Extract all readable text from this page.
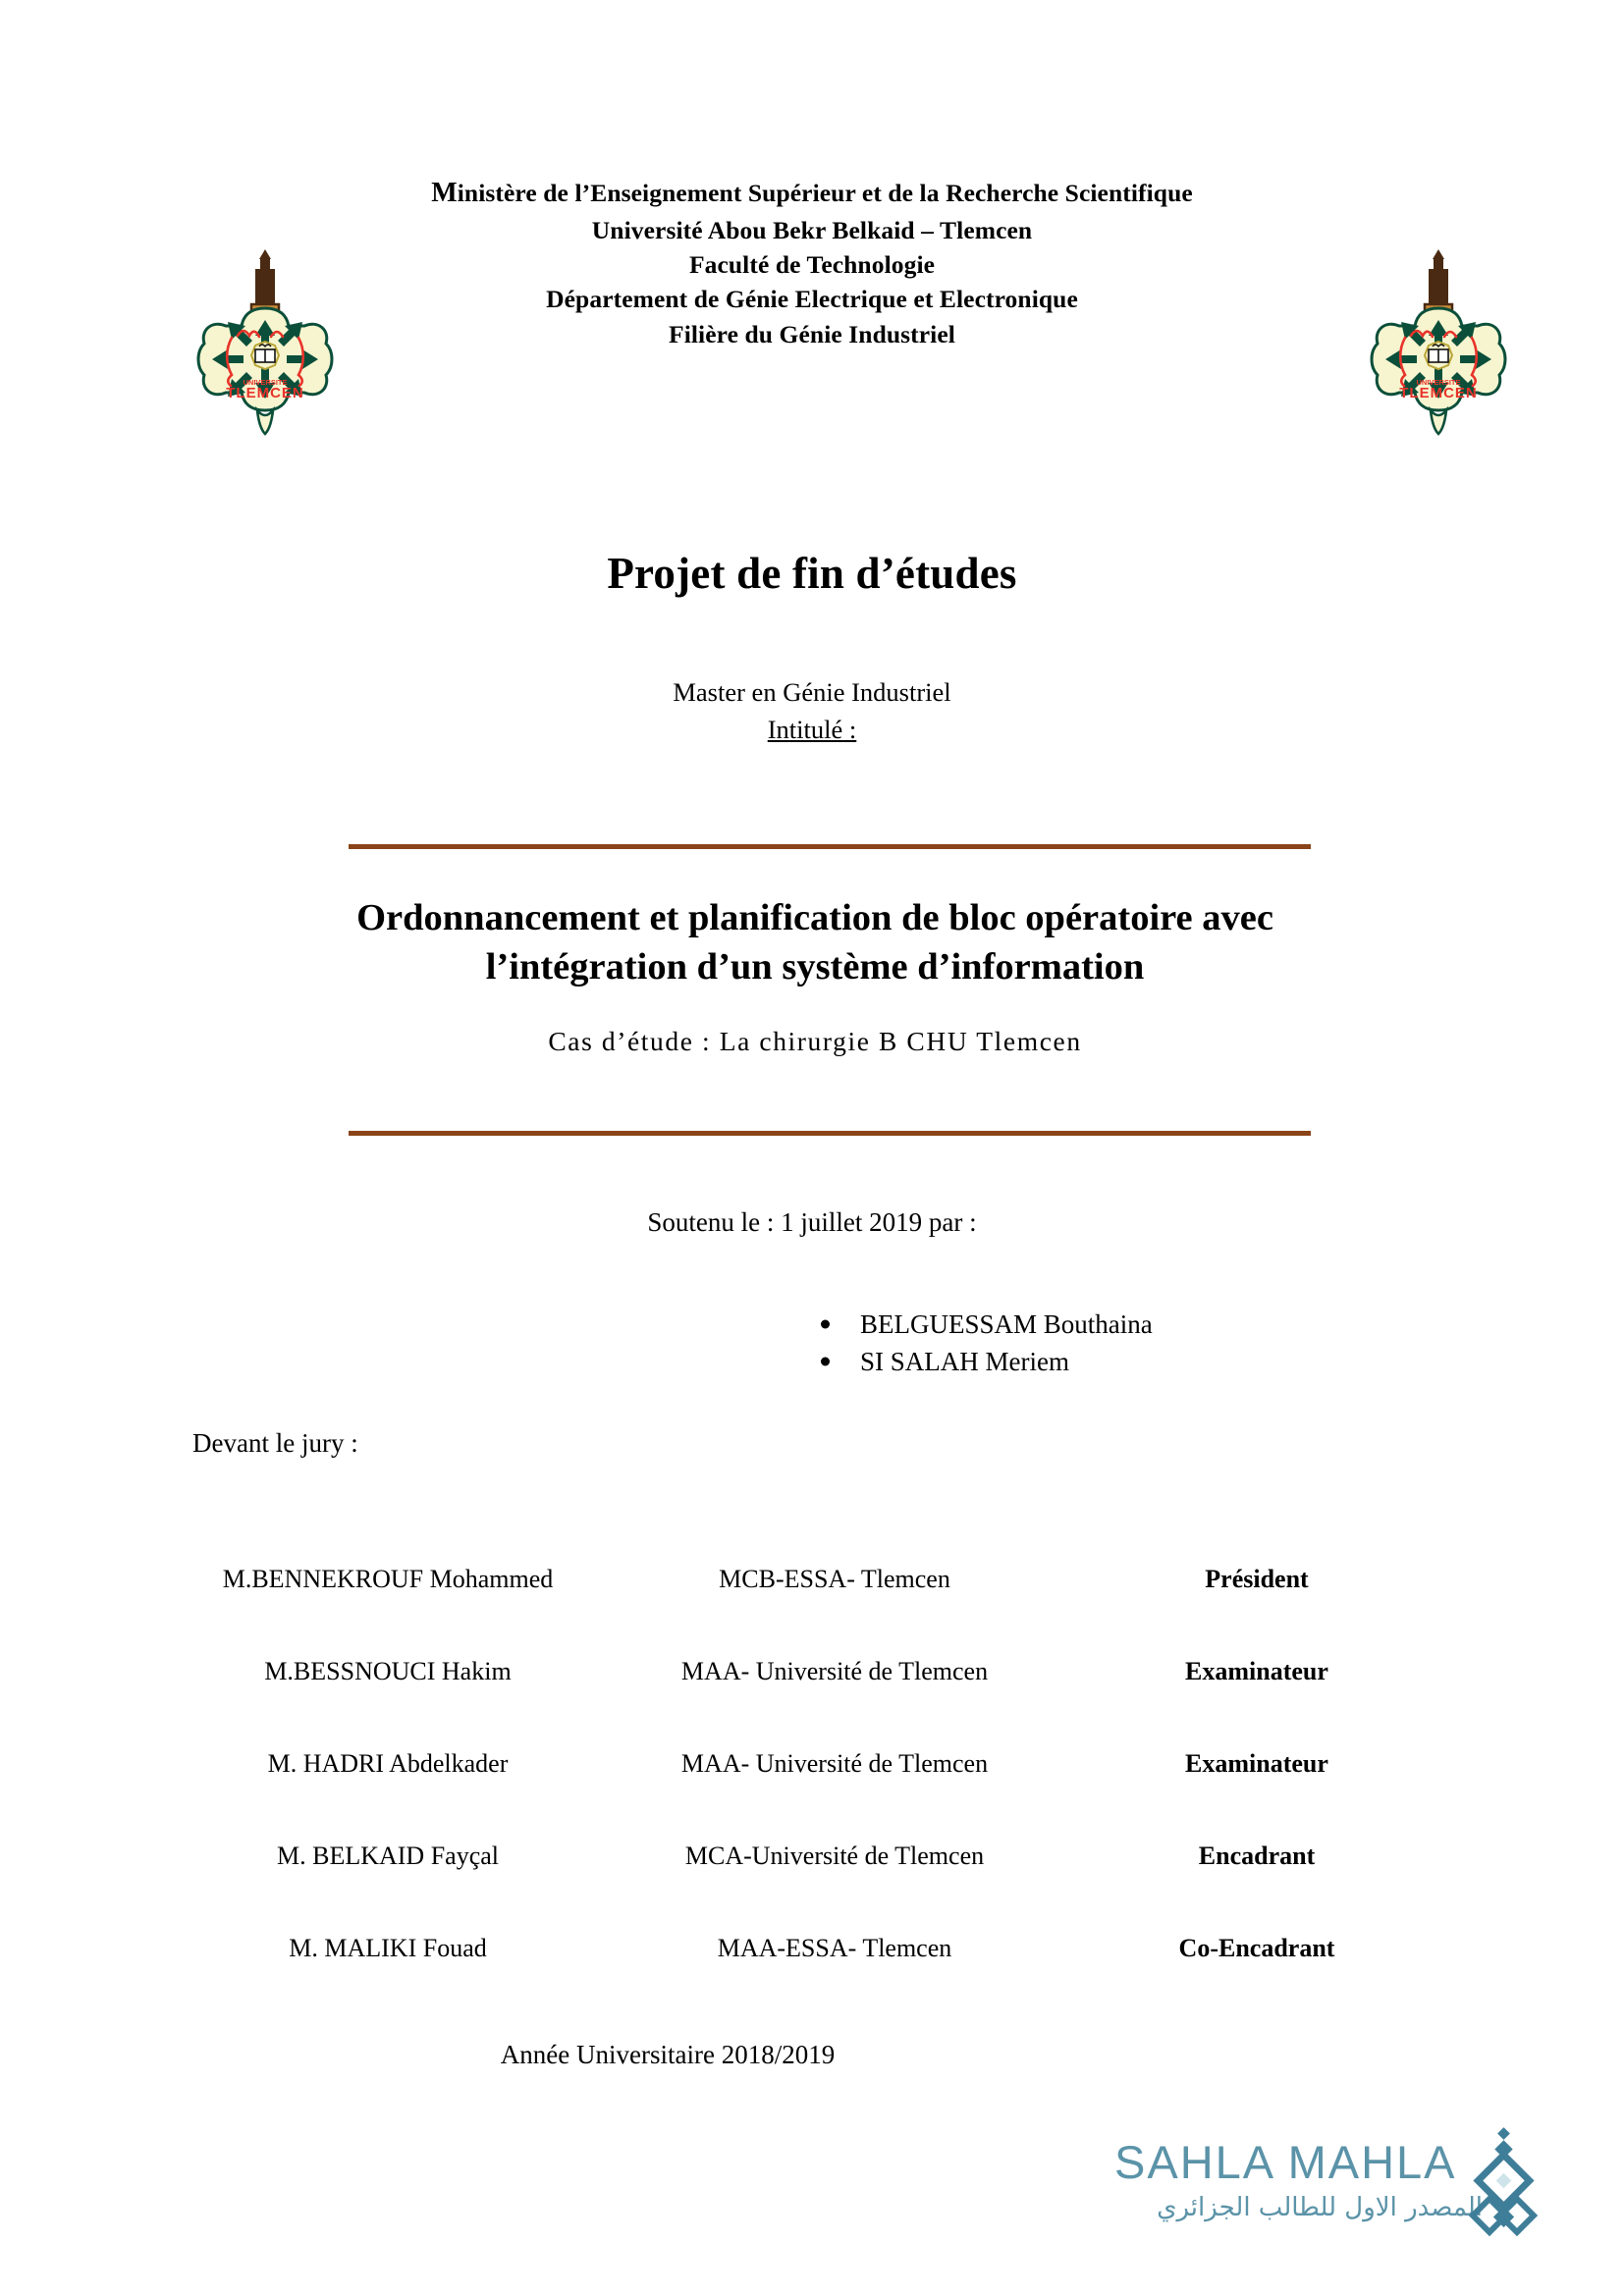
Ministère de l’Enseignement Supérieur et de la Recherche Scientifique
Université Abou Bekr Belkaid – Tlemcen
Faculté de Technologie
Département de Génie Electrique et Electronique
Filière du Génie Industriel
UNIVERSITE
TLEMCEN
UNIVERSITE
TLEMCEN
Projet de fin d’études
Master en Génie Industriel
Intitulé :
Ordonnancement et planification de bloc opératoire avec
l’intégration d’un système d’information
Cas d’étude : La chirurgie B CHU Tlemcen
Soutenu le : 1 juillet 2019 par :
BELGUESSAM Bouthaina
SI SALAH Meriem
Devant le jury :
M.BENNEKROUF Mohammed	MCB-ESSA- Tlemcen	Président
M.BESSNOUCI Hakim	MAA- Université de Tlemcen	Examinateur
M. HADRI Abdelkader	MAA- Université de Tlemcen	Examinateur
M. BELKAID Fayçal	MCA-Université de Tlemcen	Encadrant
M. MALIKI Fouad	MAA-ESSA- Tlemcen	Co-Encadrant
Année Universitaire 2018/2019
SAHLA MAHLA
المصدر الاول للطالب الجزائري
